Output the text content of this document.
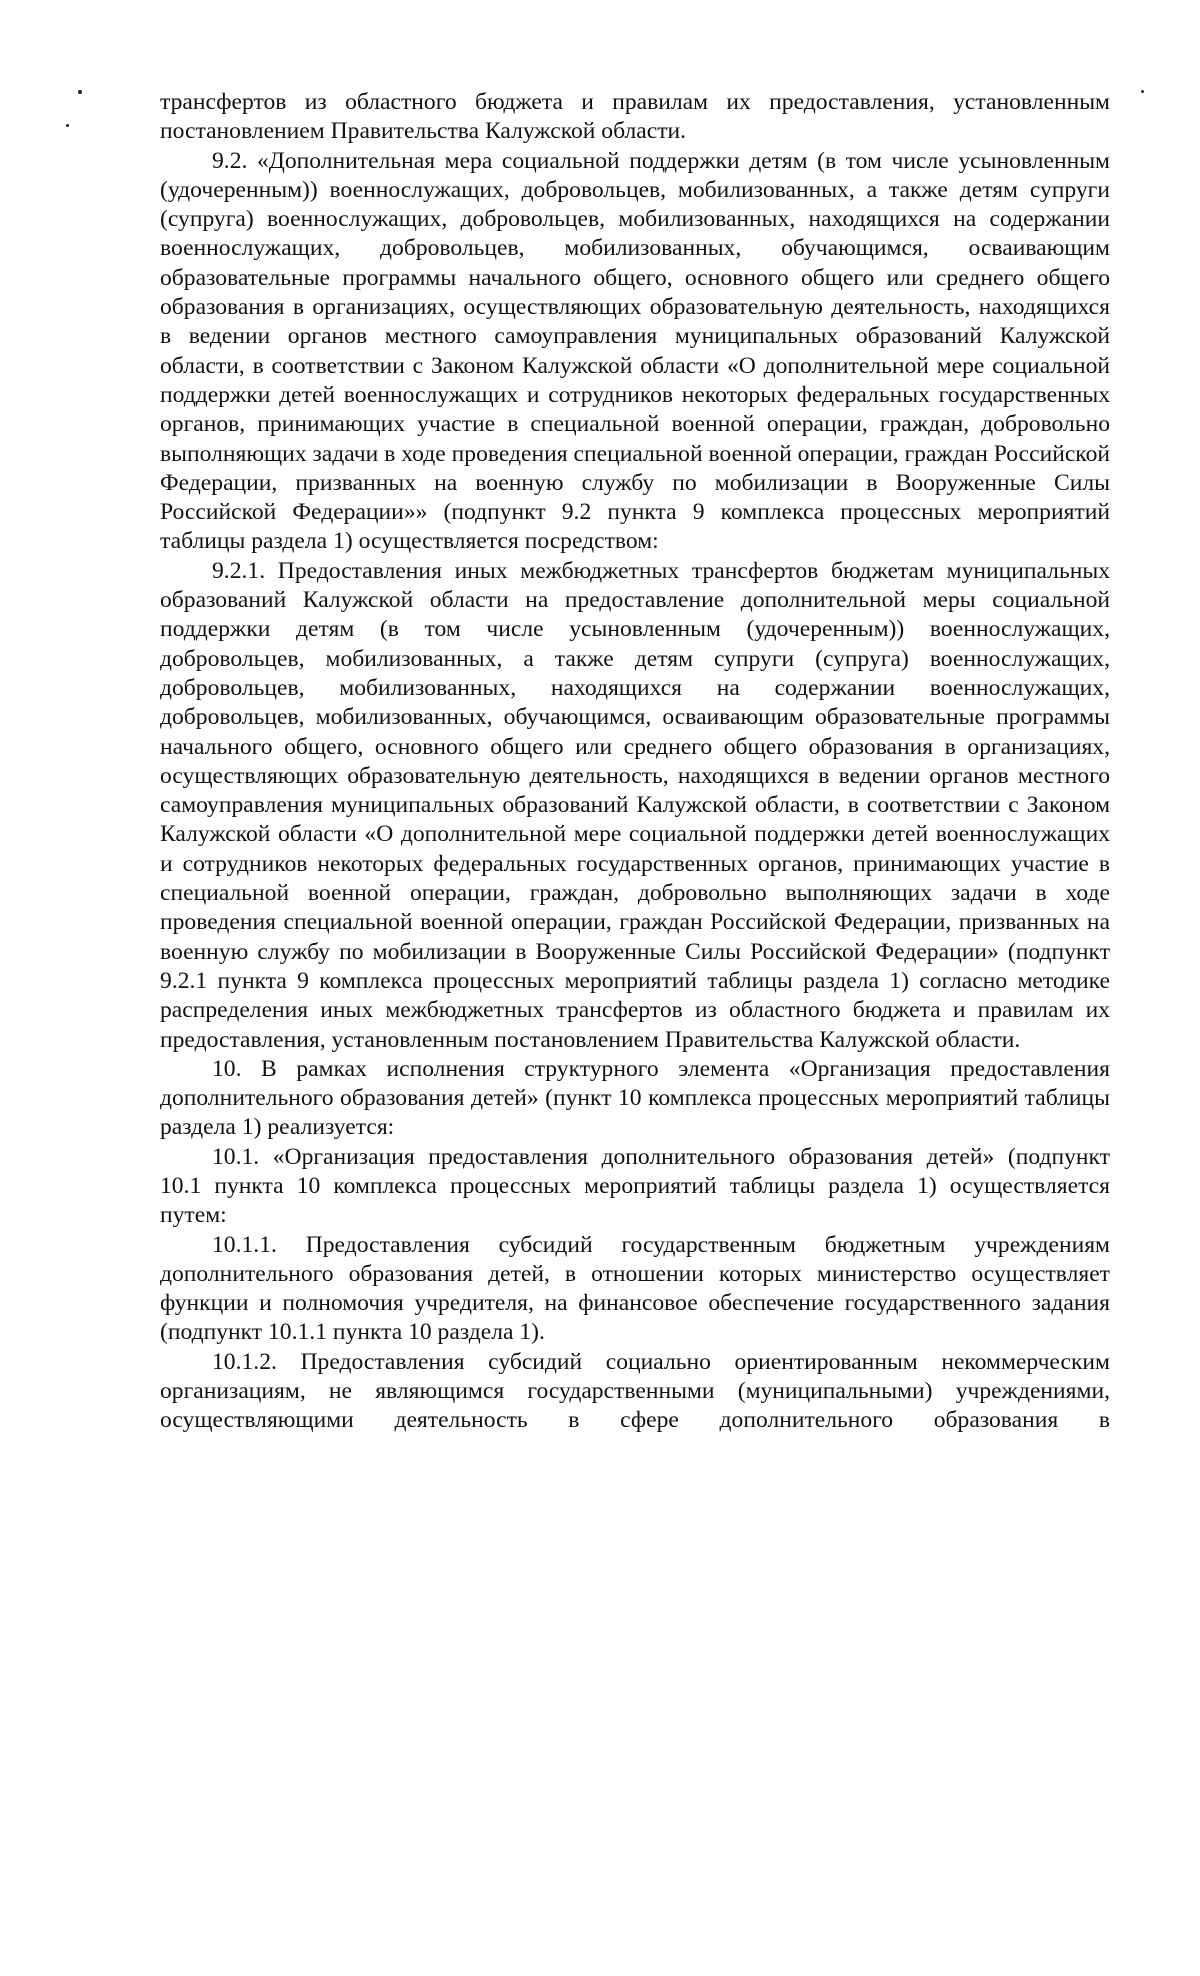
трансфертов из областного бюджета и правилам их предоставления, установленным постановлением Правительства Калужской области.

9.2. «Дополнительная мера социальной поддержки детям (в том числе усыновленным (удочеренным)) военнослужащих, добровольцев, мобилизованных, а также детям супруги (супруга) военнослужащих, добровольцев, мобилизованных, находящихся на содержании военнослужащих, добровольцев, мобилизованных, обучающимся, осваивающим образовательные программы начального общего, основного общего или среднего общего образования в организациях, осуществляющих образовательную деятельность, находящихся в ведении органов местного самоуправления муниципальных образований Калужской области, в соответствии с Законом Калужской области «О дополнительной мере социальной поддержки детей военнослужащих и сотрудников некоторых федеральных государственных органов, принимающих участие в специальной военной операции, граждан, добровольно выполняющих задачи в ходе проведения специальной военной операции, граждан Российской Федерации, призванных на военную службу по мобилизации в Вооруженные Силы Российской Федерации»» (подпункт 9.2 пункта 9 комплекса процессных мероприятий таблицы раздела 1) осуществляется посредством:

9.2.1. Предоставления иных межбюджетных трансфертов бюджетам муниципальных образований Калужской области на предоставление дополнительной меры социальной поддержки детям (в том числе усыновленным (удочеренным)) военнослужащих, добровольцев, мобилизованных, а также детям супруги (супруга) военнослужащих, добровольцев, мобилизованных, находящихся на содержании военнослужащих, добровольцев, мобилизованных, обучающимся, осваивающим образовательные программы начального общего, основного общего или среднего общего образования в организациях, осуществляющих образовательную деятельность, находящихся в ведении органов местного самоуправления муниципальных образований Калужской области, в соответствии с Законом Калужской области «О дополнительной мере социальной поддержки детей военнослужащих и сотрудников некоторых федеральных государственных органов, принимающих участие в специальной военной операции, граждан, добровольно выполняющих задачи в ходе проведения специальной военной операции, граждан Российской Федерации, призванных на военную службу по мобилизации в Вооруженные Силы Российской Федерации» (подпункт 9.2.1 пункта 9 комплекса процессных мероприятий таблицы раздела 1) согласно методике распределения иных межбюджетных трансфертов из областного бюджета и правилам их предоставления, установленным постановлением Правительства Калужской области.

10. В рамках исполнения структурного элемента «Организация предоставления дополнительного образования детей» (пункт 10 комплекса процессных мероприятий таблицы раздела 1) реализуется:

10.1. «Организация предоставления дополнительного образования детей» (подпункт 10.1 пункта 10 комплекса процессных мероприятий таблицы раздела 1) осуществляется путем:

10.1.1. Предоставления субсидий государственным бюджетным учреждениям дополнительного образования детей, в отношении которых министерство осуществляет функции и полномочия учредителя, на финансовое обеспечение государственного задания (подпункт 10.1.1 пункта 10 раздела 1).

10.1.2. Предоставления субсидий социально ориентированным некоммерческим организациям, не являющимся государственными (муниципальными) учреждениями, осуществляющими деятельность в сфере дополнительного образования в
